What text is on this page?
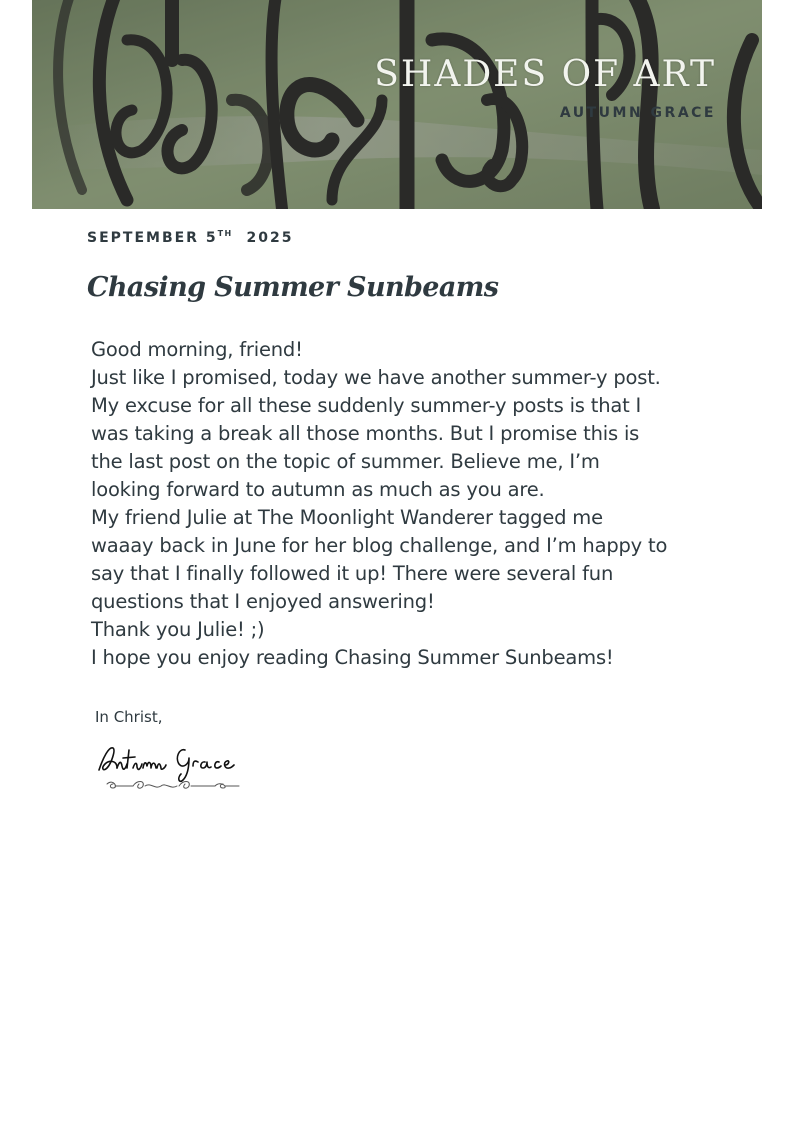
SHADES OF ART
AUTUMN GRACE
SEPTEMBER 5TH 2025
Chasing Summer Sunbeams

Good morning, friend!

Just like I promised, today we have another summer-y post. My excuse for all these suddenly summer-y posts is that I was taking a break all those months. But I promise this is the last post on the topic of summer. Believe me, I’m looking forward to autumn as much as you are.

My friend Julie at The Moonlight Wanderer tagged me waaay back in June for her blog challenge, and I’m happy to say that I finally followed it up! There were several fun questions that I enjoyed answering!

Thank you Julie! ;)

I hope you enjoy reading Chasing Summer Sunbeams!

In Christ,
